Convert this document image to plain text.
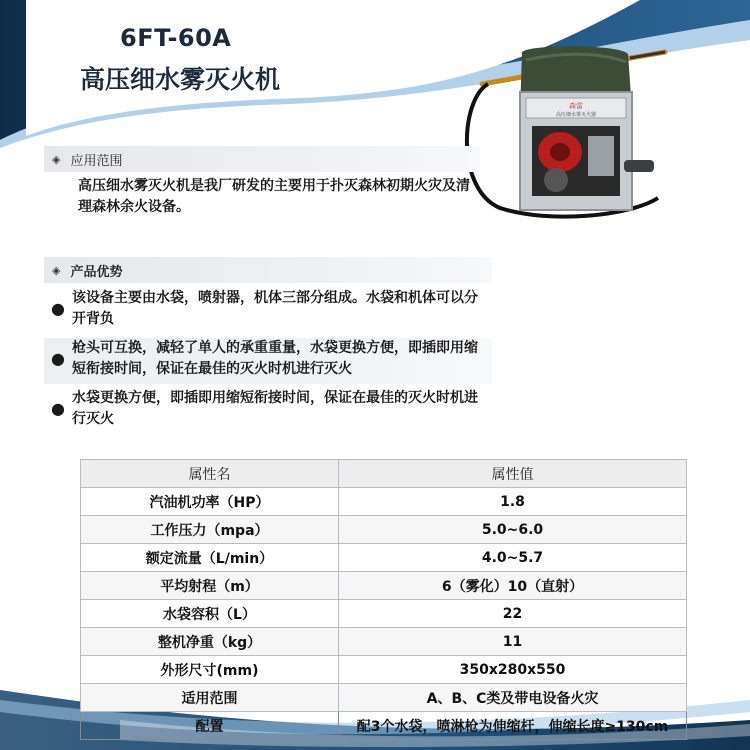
6FT-60A
高压细水雾灭火机
森雷
高压细水雾灭火器
◈ 应用范围
高压细水雾灭火机是我厂研发的主要用于扑灭森林初期火灾及清理森林余火设备。
◈ 产品优势
●
该设备主要由水袋，喷射器，机体三部分组成。水袋和机体可以分开背负
●
枪头可互换，减轻了单人的承重重量，水袋更换方便，即插即用缩短衔接时间，保证在最佳的灭火时机进行灭火
●
水袋更换方便，即插即用缩短衔接时间，保证在最佳的灭火时机进行灭火
属性名	属性值
汽油机功率（HP）	1.8
工作压力（mpa）	5.0~6.0
额定流量（L/min）	4.0~5.7
平均射程（m）	6（雾化）10（直射）
水袋容积（L）	22
整机净重（kg）	11
外形尺寸(mm)	350x280x550
适用范围	A、B、C类及带电设备火灾
配置	配3个水袋，喷淋枪为伸缩杆，伸缩长度≥130cm
